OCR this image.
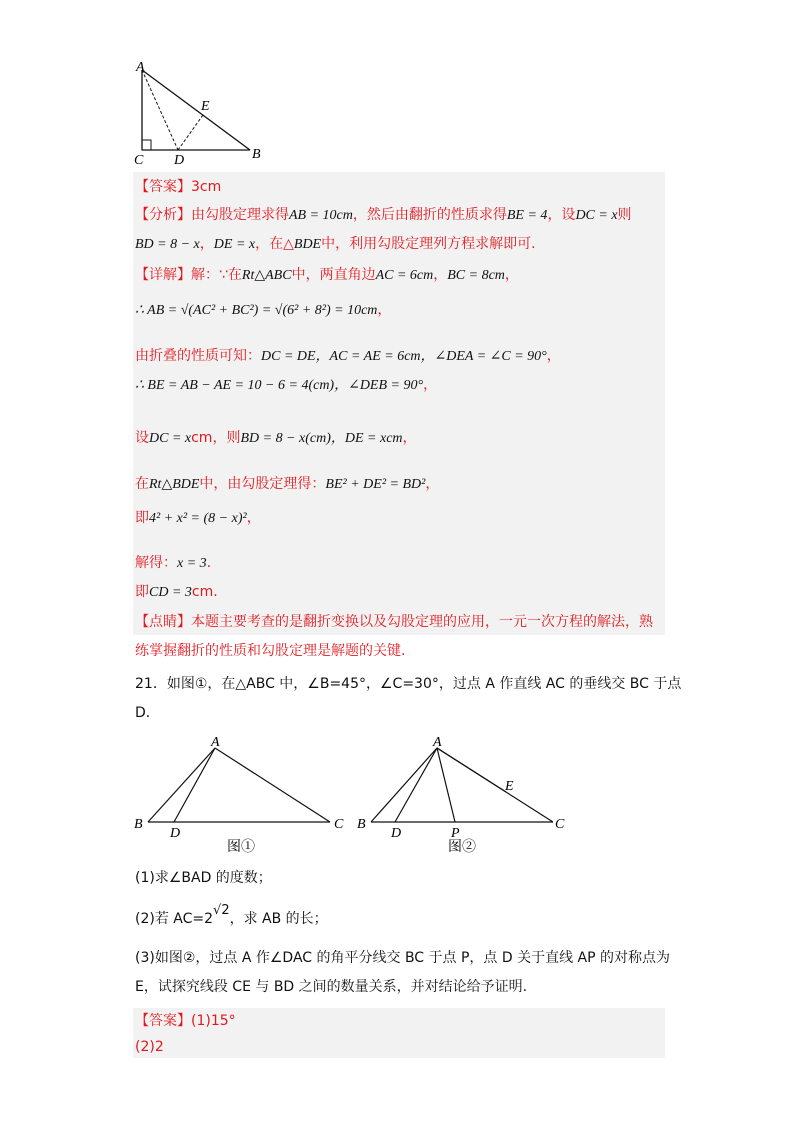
A
E
C D	B
【答案】3cm
【分析】由勾股定理求得AB = 10cm，然后由翻折的性质求得BE = 4，设DC = x则
BD = 8 − x，DE = x，在△BDE中，利用勾股定理列方程求解即可.
【详解】解：∵在Rt△ABC中，两直角边AC = 6cm，BC = 8cm，
∴ AB = √(AC² + BC²) = √(6² + 8²) = 10cm，
由折叠的性质可知：DC = DE，AC = AE = 6cm，∠DEA = ∠C = 90°，
∴ BE = AB − AE = 10 − 6 = 4(cm)，∠DEB = 90°，
设DC = xcm，则BD = 8 − x(cm)，DE = xcm，
在Rt△BDE中，由勾股定理得：BE² + DE² = BD²，
即4² + x² = (8 − x)²，
解得：x = 3.
即CD = 3cm.
【点睛】本题主要考查的是翻折变换以及勾股定理的应用，一元一次方程的解法，熟
练掌握翻折的性质和勾股定理是解题的关键.
21．如图①，在△ABC 中，∠B=45°，∠C=30°，过点 A 作直线 AC 的垂线交 BC 于点
D．
A
B
D
C
图①
A
B
D	P
E
C
图②
(1)求∠BAD 的度数；
(2)若 AC=2√2，求 AB 的长；
(3)如图②，过点 A 作∠DAC 的角平分线交 BC 于点 P，点 D 关于直线 AP 的对称点为
E，试探究线段 CE 与 BD 之间的数量关系，并对结论给予证明.
【答案】(1)15°
(2)2
